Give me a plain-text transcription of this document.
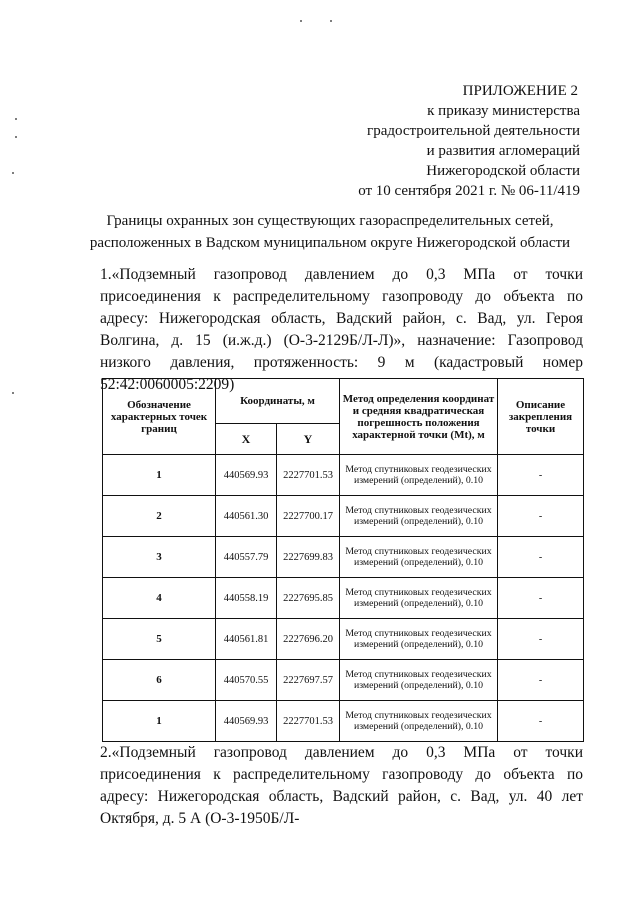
ПРИЛОЖЕНИЕ 2
к приказу министерства
градостроительной деятельности
и развития агломераций
Нижегородской области
от 10 сентября 2021 г. № 06-11/419
Границы охранных зон существующих газораспределительных сетей,
расположенных в Вадском муниципальном округе Нижегородской области
1.«Подземный газопровод давлением до 0,3 МПа от точки присоединения к распределительному газопроводу до объекта по адресу: Нижегородская область, Вадский район, с. Вад, ул. Героя Волгина, д. 15 (и.ж.д.) (О-3-2129Б/Л-Л)», назначение: Газопровод низкого давления, протяженность: 9 м (кадастровый номер 52:42:0060005:2209)
Обозначение характерных точек границ	Координаты, м		Метод определения координат и средняя квадратическая погрешность положения характерной точки (Mt), м	Описание закрепления точки
	X	Y		
1	440569.93	2227701.53	Метод спутниковых геодезических измерений (определений), 0.10	-
2	440561.30	2227700.17	Метод спутниковых геодезических измерений (определений), 0.10	-
3	440557.79	2227699.83	Метод спутниковых геодезических измерений (определений), 0.10	-
4	440558.19	2227695.85	Метод спутниковых геодезических измерений (определений), 0.10	-
5	440561.81	2227696.20	Метод спутниковых геодезических измерений (определений), 0.10	-
6	440570.55	2227697.57	Метод спутниковых геодезических измерений (определений), 0.10	-
1	440569.93	2227701.53	Метод спутниковых геодезических измерений (определений), 0.10	-
2.«Подземный газопровод давлением до 0,3 МПа от точки присоединения к распределительному газопроводу до объекта по адресу: Нижегородская область, Вадский район, с. Вад, ул. 40 лет Октября, д. 5 А (О-3-1950Б/Л-
